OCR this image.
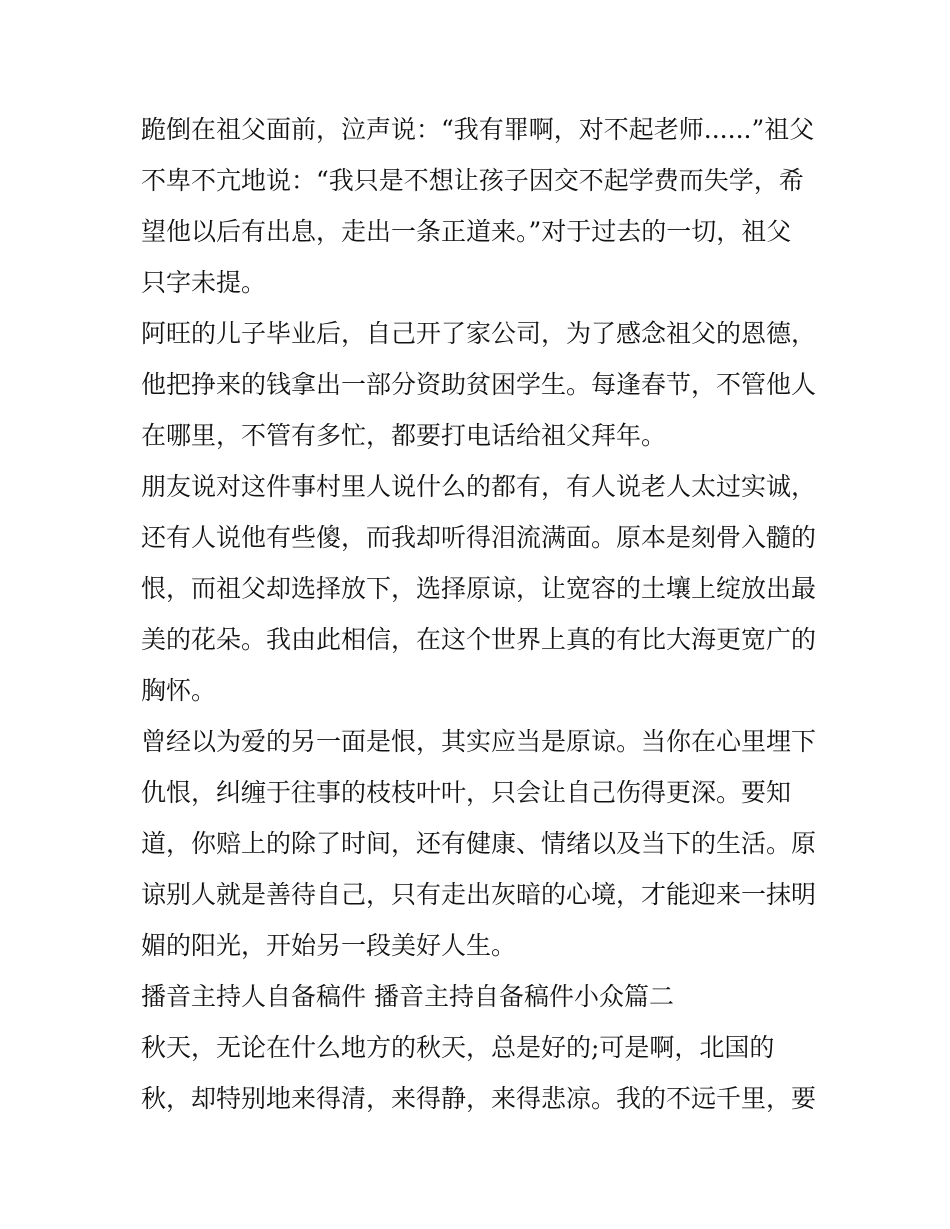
跪倒在祖父面前，泣声说：“我有罪啊，对不起老师......”祖父
不卑不亢地说：“我只是不想让孩子因交不起学费而失学，希
望他以后有出息，走出一条正道来。”对于过去的一切，祖父
只字未提。
阿旺的儿子毕业后，自己开了家公司，为了感念祖父的恩德，
他把挣来的钱拿出一部分资助贫困学生。每逢春节，不管他人
在哪里，不管有多忙，都要打电话给祖父拜年。
朋友说对这件事村里人说什么的都有，有人说老人太过实诚，
还有人说他有些傻，而我却听得泪流满面。原本是刻骨入髓的
恨，而祖父却选择放下，选择原谅，让宽容的土壤上绽放出最
美的花朵。我由此相信，在这个世界上真的有比大海更宽广的
胸怀。
曾经以为爱的另一面是恨，其实应当是原谅。当你在心里埋下
仇恨，纠缠于往事的枝枝叶叶，只会让自己伤得更深。要知
道，你赔上的除了时间，还有健康、情绪以及当下的生活。原
谅别人就是善待自己，只有走出灰暗的心境，才能迎来一抹明
媚的阳光，开始另一段美好人生。
播音主持人自备稿件 播音主持自备稿件小众篇二
秋天，无论在什么地方的秋天，总是好的;可是啊，北国的
秋，却特别地来得清，来得静，来得悲凉。我的不远千里，要
